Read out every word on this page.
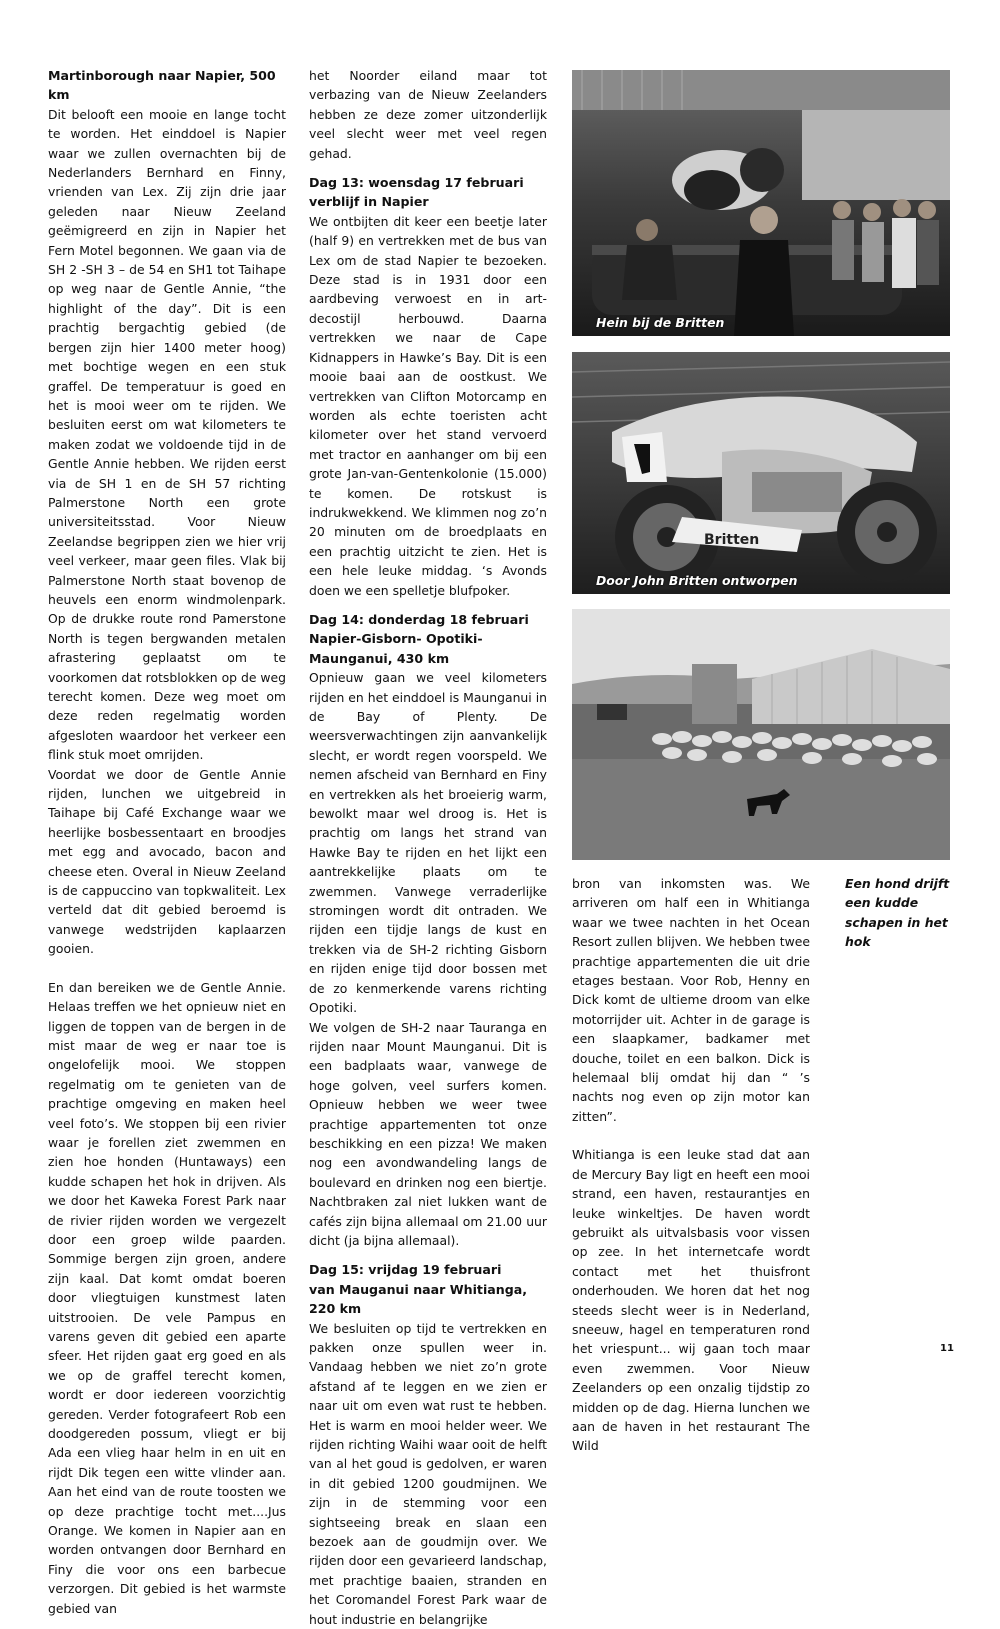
Martinborough naar Napier, 500 km

Dit belooft een mooie en lange tocht te worden. Het einddoel is Napier waar we zullen overnachten bij de Nederlanders Bernhard en Finny, vrienden van Lex. Zij zijn drie jaar geleden naar Nieuw Zeeland geëmigreerd en zijn in Napier het Fern Motel begonnen. We gaan via de SH 2 -SH 3 – de 54 en SH1 tot Taihape op weg naar de Gentle Annie, “the highlight of the day”. Dit is een prachtig bergachtig gebied (de bergen zijn hier 1400 meter hoog) met bochtige wegen en een stuk graffel. De temperatuur is goed en het is mooi weer om te rijden. We besluiten eerst om wat kilometers te maken zodat we voldoende tijd in de Gentle Annie hebben. We rijden eerst via de SH 1 en de SH 57 richting Palmerstone North een grote universiteitsstad. Voor Nieuw Zeelandse begrippen zien we hier vrij veel verkeer, maar geen files. Vlak bij Palmerstone North staat bovenop de heuvels een enorm windmolenpark. Op de drukke route rond Pamerstone North is tegen bergwanden metalen afrastering geplaatst om te voorkomen dat rotsblokken op de weg terecht komen. Deze weg moet om deze reden regelmatig worden afgesloten waardoor het verkeer een flink stuk moet omrijden.

Voordat we door de Gentle Annie rijden, lunchen we uitgebreid in Taihape bij Café Exchange waar we heerlijke bosbessentaart en broodjes met egg and avocado, bacon and cheese eten. Overal in Nieuw Zeeland is de cappuccino van topkwaliteit. Lex verteld dat dit gebied beroemd is vanwege wedstrijden kaplaarzen gooien.

En dan bereiken we de Gentle Annie. Helaas treffen we het opnieuw niet en liggen de toppen van de bergen in de mist maar de weg er naar toe is ongelofelijk mooi. We stoppen regelmatig om te genieten van de prachtige omgeving en maken heel veel foto’s. We stoppen bij een rivier waar je forellen ziet zwemmen en zien hoe honden (Huntaways) een kudde schapen het hok in drijven. Als we door het Kaweka Forest Park naar de rivier rijden worden we vergezelt door een groep wilde paarden. Sommige bergen zijn groen, andere zijn kaal. Dat komt omdat boeren door vliegtuigen kunstmest laten uitstrooien. De vele Pampus en varens geven dit gebied een aparte sfeer. Het rijden gaat erg goed en als we op de graffel terecht komen, wordt er door iedereen voorzichtig gereden. Verder fotografeert Rob een doodgereden possum, vliegt er bij Ada een vlieg haar helm in en uit en rijdt Dik tegen een witte vlinder aan. Aan het eind van de route toosten we op deze prachtige tocht met....Jus Orange. We komen in Napier aan en worden ontvangen door Bernhard en Finy die voor ons een barbecue verzorgen. Dit gebied is het warmste gebied van

het Noorder eiland maar tot verbazing van de Nieuw Zeelanders hebben ze deze zomer uitzonderlijk veel slecht weer met veel regen gehad.

Dag 13: woensdag 17 februari
verblijf in Napier

We ontbijten dit keer een beetje later (half 9) en vertrekken met de bus van Lex om de stad Napier te bezoeken. Deze stad is in 1931 door een aardbeving verwoest en in art-decostijl herbouwd. Daarna vertrekken we naar de Cape Kidnappers in Hawke’s Bay. Dit is een mooie baai aan de oostkust. We vertrekken van Clifton Motorcamp en worden als echte toeristen acht kilometer over het stand vervoerd met tractor en aanhanger om bij een grote Jan-van-Gentenkolonie (15.000) te komen. De rotskust is indrukwekkend. We klimmen nog zo’n 20 minuten om de broedplaats en een prachtig uitzicht te zien. Het is een hele leuke middag. ‘s Avonds doen we een spelletje blufpoker.

Dag 14: donderdag 18 februari Napier-Gisborn- Opotiki- Maunganui, 430 km

Opnieuw gaan we veel kilometers rijden en het einddoel is Maunganui in de Bay of Plenty. De weersverwachtingen zijn aanvankelijk slecht, er wordt regen voorspeld. We nemen afscheid van Bernhard en Finy en vertrekken als het broeierig warm, bewolkt maar wel droog is. Het is prachtig om langs het strand van Hawke Bay te rijden en het lijkt een aantrekkelijke plaats om te zwemmen. Vanwege verraderlijke stromingen wordt dit ontraden. We rijden een tijdje langs de kust en trekken via de SH-2 richting Gisborn en rijden enige tijd door bossen met de zo kenmerkende varens richting Opotiki.

We volgen de SH-2 naar Tauranga en rijden naar Mount Maunganui. Dit is een badplaats waar, vanwege de hoge golven, veel surfers komen. Opnieuw hebben we weer twee prachtige appartementen tot onze beschikking en een pizza! We maken nog een avondwandeling langs de boulevard en drinken nog een biertje. Nachtbraken zal niet lukken want de cafés zijn bijna allemaal om 21.00 uur dicht (ja bijna allemaal).

Dag 15: vrijdag 19 februari
van Mauganui naar Whitianga, 220 km

We besluiten op tijd te vertrekken en pakken onze spullen weer in. Vandaag hebben we niet zo’n grote afstand af te leggen en we zien er naar uit om even wat rust te hebben. Het is warm en mooi helder weer. We rijden richting Waihi waar ooit de helft van al het goud is gedolven, er waren in dit gebied 1200 goudmijnen. We zijn in de stemming voor een sightseeing break en slaan een bezoek aan de goudmijn over. We rijden door een gevarieerd landschap, met prachtige baaien, stranden en het Coromandel Forest Park waar de hout industrie en belangrijke

Hein bij de Britten
Britten
Door John Britten ontworpen

bron van inkomsten was. We arriveren om half een in Whitianga waar we twee nachten in het Ocean Resort zullen blijven. We hebben twee prachtige appartementen die uit drie etages bestaan. Voor Rob, Henny en Dick komt de ultieme droom van elke motorrijder uit. Achter in de garage is een slaapkamer, badkamer met douche, toilet en een balkon. Dick is helemaal blij omdat hij dan “ ’s nachts nog even op zijn motor kan zitten”.

Whitianga is een leuke stad dat aan de Mercury Bay ligt en heeft een mooi strand, een haven, restaurantjes en leuke winkeltjes. De haven wordt gebruikt als uitvalsbasis voor vissen op zee. In het internetcafe wordt contact met het thuisfront onderhouden. We horen dat het nog steeds slecht weer is in Nederland, sneeuw, hagel en temperaturen rond het vriespunt... wij gaan toch maar even zwemmen. Voor Nieuw Zeelanders op een onzalig tijdstip zo midden op de dag. Hierna lunchen we aan de haven in het restaurant The Wild

Een hond drijft een kudde schapen in het hok
11
